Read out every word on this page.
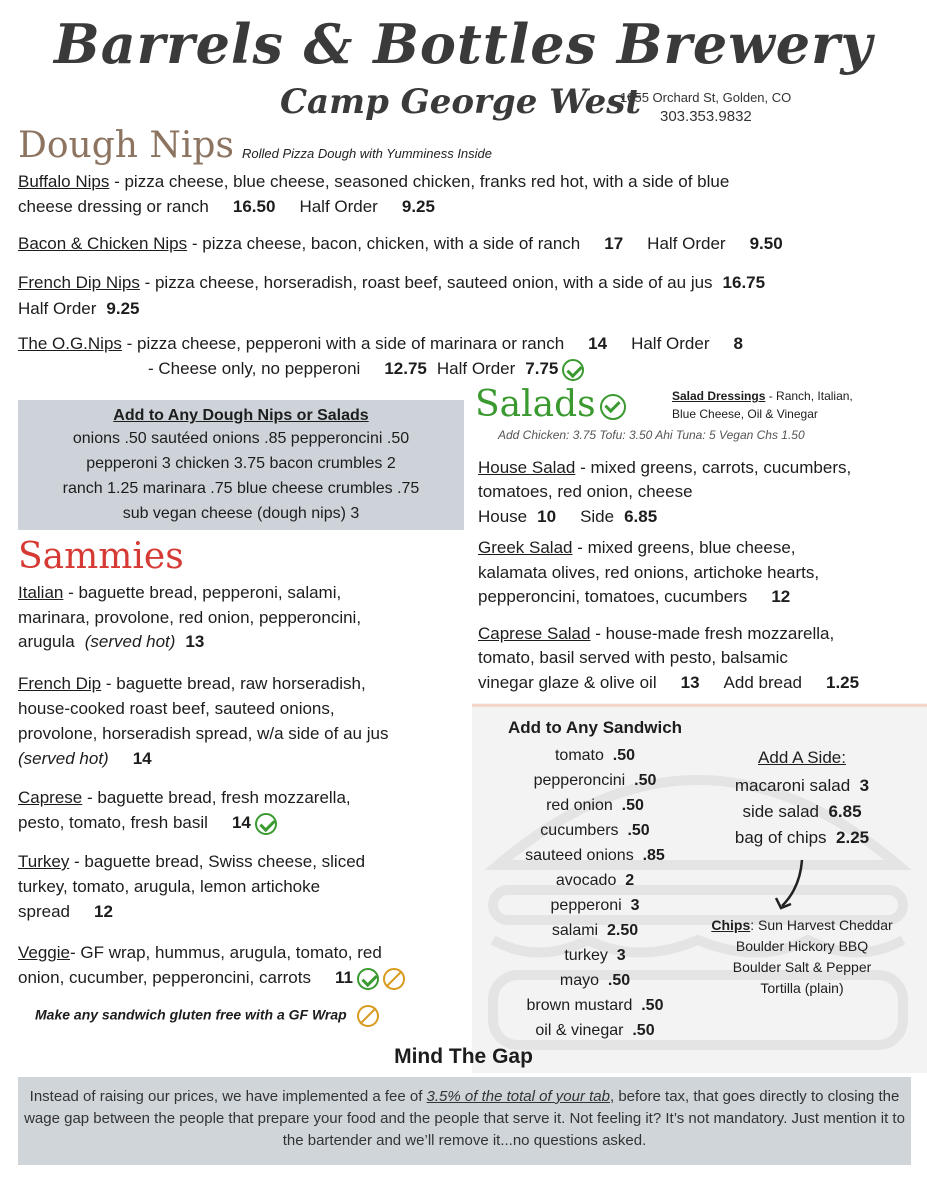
Barrels & Bottles Brewery
Camp George West
1055 Orchard St, Golden, CO
303.353.9832
Dough Nips Rolled Pizza Dough with Yumminess Inside
Buffalo Nips - pizza cheese, blue cheese, seasoned chicken, franks red hot, with a side of blue
cheese dressing or ranch 16.50 Half Order 9.25
Bacon & Chicken Nips - pizza cheese, bacon, chicken, with a side of ranch 17 Half Order 9.50
French Dip Nips - pizza cheese, horseradish, roast beef, sauteed onion, with a side of au jus 16.75
Half Order 9.25
The O.G.Nips - pizza cheese, pepperoni with a side of marinara or ranch 14 Half Order 8
- Cheese only, no pepperoni 12.75 Half Order 7.75
Add to Any Dough Nips or Salads
onions .50 sautéed onions .85 pepperoncini .50
pepperoni 3 chicken 3.75 bacon crumbles 2
ranch 1.25 marinara .75 blue cheese crumbles .75
sub vegan cheese (dough nips) 3
Salads	Salad Dressings - Ranch, Italian,
Blue Cheese, Oil & Vinegar
Add Chicken: 3.75 Tofu: 3.50 Ahi Tuna: 5 Vegan Chs 1.50
House Salad - mixed greens, carrots, cucumbers,
tomatoes, red onion, cheese
House 10 Side 6.85
Greek Salad - mixed greens, blue cheese,
kalamata olives, red onions, artichoke hearts,
pepperoncini, tomatoes, cucumbers 12
Caprese Salad - house-made fresh mozzarella,
tomato, basil served with pesto, balsamic
vinegar glaze & olive oil 13 Add bread 1.25
Sammies
Italian - baguette bread, pepperoni, salami,
marinara, provolone, red onion, pepperoncini,
arugula (served hot) 13
French Dip - baguette bread, raw horseradish,
house-cooked roast beef, sauteed onions,
provolone, horseradish spread, w/a side of au jus
(served hot) 14
Caprese - baguette bread, fresh mozzarella,
pesto, tomato, fresh basil 14
Turkey - baguette bread, Swiss cheese, sliced
turkey, tomato, arugula, lemon artichoke
spread 12
Veggie- GF wrap, hummus, arugula, tomato, red
onion, cucumber, pepperoncini, carrots 11
Make any sandwich gluten free with a GF Wrap
Add to Any Sandwich
tomato .50
pepperoncini .50
red onion .50
cucumbers .50
sauteed onions .85
avocado 2
pepperoni 3
salami 2.50
turkey 3
mayo .50
brown mustard .50
oil & vinegar .50
Add A Side:
macaroni salad 3
side salad 6.85
bag of chips 2.25
Chips: Sun Harvest Cheddar
Boulder Hickory BBQ
Boulder Salt & Pepper
Tortilla (plain)
Mind The Gap

Instead of raising our prices, we have implemented a fee of 3.5% of the total of your tab, before tax, that goes directly to closing the wage gap between the people that prepare your food and the people that serve it. Not feeling it? It’s not mandatory. Just mention it to the bartender and we’ll remove it...no questions asked.
